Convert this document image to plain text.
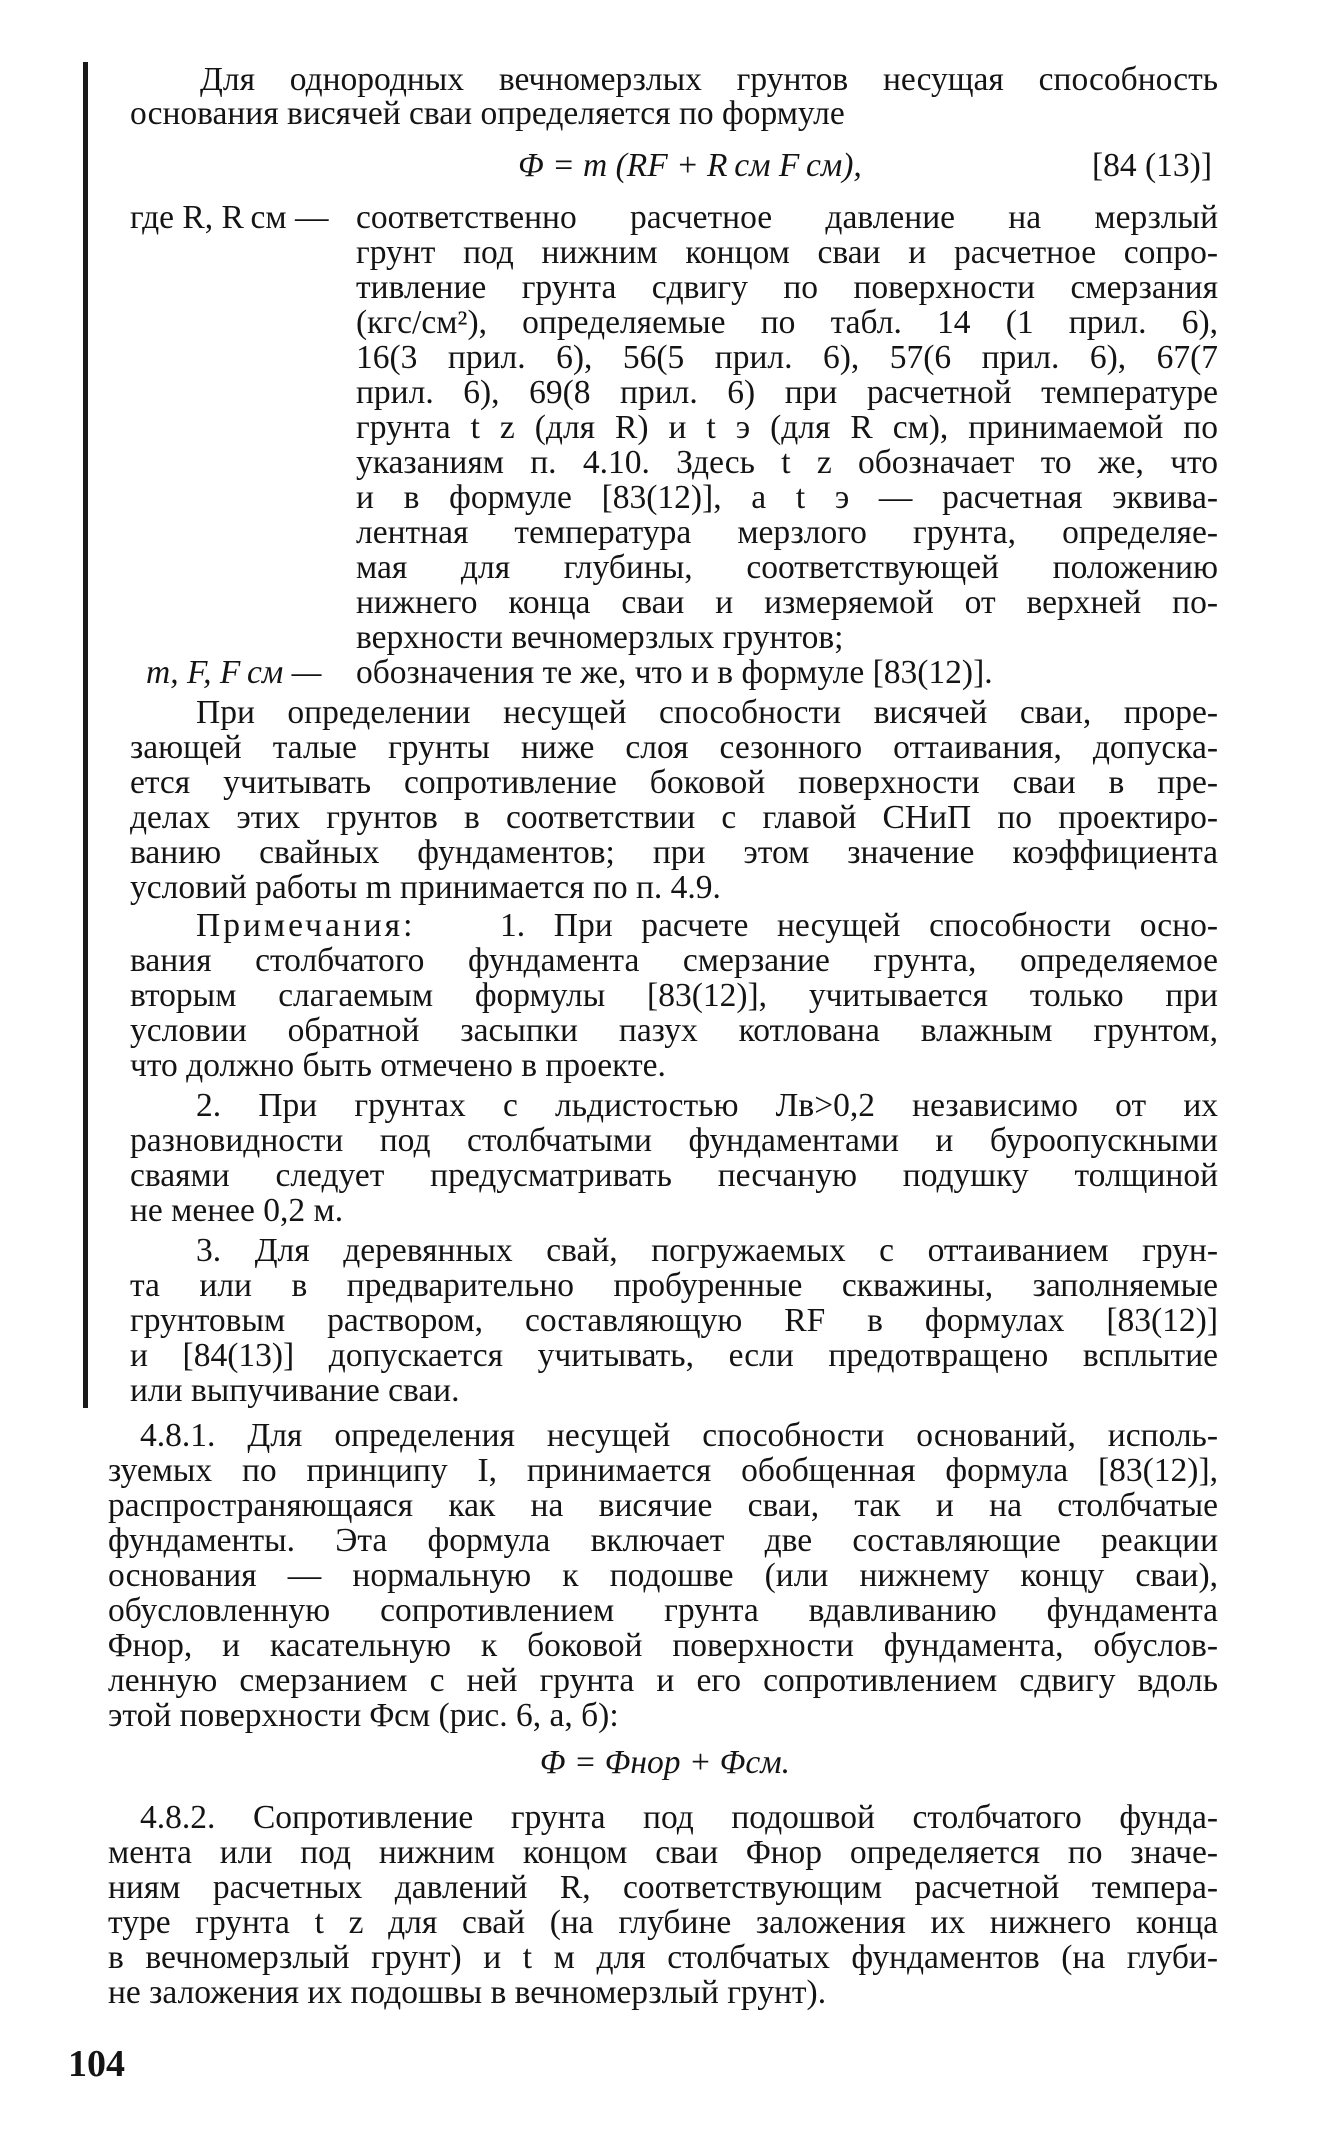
Для однородных вечномерзлых грунтов несущая способность

основания висячей сваи определяется по формуле

Φ = m (RF + R см F см),	[84 (13)]

где R, R см — соответственно расчетное давление на мерзлый

грунт под нижним концом сваи и расчетное сопро-

тивление грунта сдвигу по поверхности смерзания

(кгс/см²), определяемые по табл. 14 (1 прил. 6),

16(3 прил. 6), 56(5 прил. 6), 57(6 прил. 6), 67(7

прил. 6), 69(8 прил. 6) при расчетной температуре

грунта t z (для R) и t э (для R см), принимаемой по

указаниям п. 4.10. Здесь t z обозначает то же, что

и в формуле [83(12)], а t э — расчетная эквива-

лентная температура мерзлого грунта, определяе-

мая для глубины, соответствующей положению

нижнего конца сваи и измеряемой от верхней по-

верхности вечномерзлых грунтов;

m, F, F см —	обозначения те же, что и в формуле [83(12)].

При определении несущей способности висячей сваи, проре-

зающей талые грунты ниже слоя сезонного оттаивания, допуска-

ется учитывать сопротивление боковой поверхности сваи в пре-

делах этих грунтов в соответствии с главой СНиП по проектиро-

ванию свайных фундаментов; при этом значение коэффициента

условий работы m принимается по п. 4.9.

Примечания:	1. При расчете несущей способности осно-

вания столбчатого фундамента смерзание грунта, определяемое

вторым слагаемым формулы [83(12)], учитывается только при

условии обратной засыпки пазух котлована влажным грунтом,

что должно быть отмечено в проекте.

2. При грунтах с льдистостью Лв>0,2 независимо от их

разновидности под столбчатыми фундаментами и буроопускными

сваями следует предусматривать песчаную подушку толщиной

не менее 0,2 м.

3. Для деревянных свай, погружаемых с оттаиванием грун-

та или в предварительно пробуренные скважины, заполняемые

грунтовым раствором, составляющую RF в формулах [83(12)]

и [84(13)] допускается учитывать, если предотвращено всплытие

или выпучивание сваи.

4.8.1. Для определения несущей способности оснований, исполь-

зуемых по принципу I, принимается обобщенная формула [83(12)],

распространяющаяся как на висячие сваи, так и на столбчатые

фундаменты. Эта формула включает две составляющие реакции

основания — нормальную к подошве (или нижнему концу сваи),

обусловленную сопротивлением грунта вдавливанию фундамента

Φнор, и касательную к боковой поверхности фундамента, обуслов-

ленную смерзанием с ней грунта и его сопротивлением сдвигу вдоль

этой поверхности Φсм (рис. 6, а, б):

Φ = Φнор + Φсм.

4.8.2. Сопротивление грунта под подошвой столбчатого фунда-

мента или под нижним концом сваи Φнор определяется по значе-

ниям расчетных давлений R, соответствующим расчетной темпера-

туре грунта t z для свай (на глубине заложения их нижнего конца

в вечномерзлый грунт) и t м для столбчатых фундаментов (на глуби-

не заложения их подошвы в вечномерзлый грунт).

104
